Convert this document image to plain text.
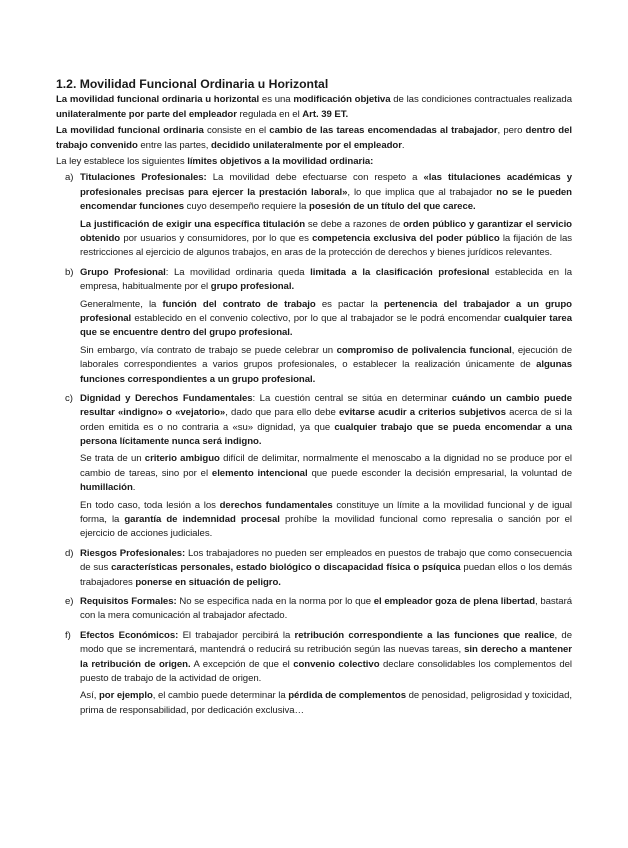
1.2. Movilidad Funcional Ordinaria u Horizontal

La movilidad funcional ordinaria u horizontal es una modificación objetiva de las condiciones contractuales realizada unilateralmente por parte del empleador regulada en el Art. 39 ET.

La movilidad funcional ordinaria consiste en el cambio de las tareas encomendadas al trabajador, pero dentro del trabajo convenido entre las partes, decidido unilateralmente por el empleador.

La ley establece los siguientes límites objetivos a la movilidad ordinaria:

a) Titulaciones Profesionales: La movilidad debe efectuarse con respeto a «las titulaciones académicas y profesionales precisas para ejercer la prestación laboral», lo que implica que al trabajador no se le pueden encomendar funciones cuyo desempeño requiere la posesión de un título del que carece.

La justificación de exigir una específica titulación se debe a razones de orden público y garantizar el servicio obtenido por usuarios y consumidores, por lo que es competencia exclusiva del poder público la fijación de las restricciones al ejercicio de algunos trabajos, en aras de la protección de derechos y bienes jurídicos relevantes.

b) Grupo Profesional: La movilidad ordinaria queda limitada a la clasificación profesional establecida en la empresa, habitualmente por el grupo profesional.

Generalmente, la función del contrato de trabajo es pactar la pertenencia del trabajador a un grupo profesional establecido en el convenio colectivo, por lo que al trabajador se le podrá encomendar cualquier tarea que se encuentre dentro del grupo profesional.

Sin embargo, vía contrato de trabajo se puede celebrar un compromiso de polivalencia funcional, ejecución de laborales correspondientes a varios grupos profesionales, o establecer la realización únicamente de algunas funciones correspondientes a un grupo profesional.

c) Dignidad y Derechos Fundamentales: La cuestión central se sitúa en determinar cuándo un cambio puede resultar «indigno» o «vejatorio», dado que para ello debe evitarse acudir a criterios subjetivos acerca de si la orden emitida es o no contraria a «su» dignidad, ya que cualquier trabajo que se pueda encomendar a una persona lícitamente nunca será indigno.

Se trata de un criterio ambiguo difícil de delimitar, normalmente el menoscabo a la dignidad no se produce por el cambio de tareas, sino por el elemento intencional que puede esconder la decisión empresarial, la voluntad de humillación.

En todo caso, toda lesión a los derechos fundamentales constituye un límite a la movilidad funcional y de igual forma, la garantía de indemnidad procesal prohíbe la movilidad funcional como represalia o sanción por el ejercicio de acciones judiciales.

d) Riesgos Profesionales: Los trabajadores no pueden ser empleados en puestos de trabajo que como consecuencia de sus características personales, estado biológico o discapacidad física o psíquica puedan ellos o los demás trabajadores ponerse en situación de peligro.

e) Requisitos Formales: No se especifica nada en la norma por lo que el empleador goza de plena libertad, bastará con la mera comunicación al trabajador afectado.

f) Efectos Económicos: El trabajador percibirá la retribución correspondiente a las funciones que realice, de modo que se incrementará, mantendrá o reducirá su retribución según las nuevas tareas, sin derecho a mantener la retribución de origen. A excepción de que el convenio colectivo declare consolidables los complementos del puesto de trabajo de la actividad de origen.

Así, por ejemplo, el cambio puede determinar la pérdida de complementos de penosidad, peligrosidad y toxicidad, prima de responsabilidad, por dedicación exclusiva…
